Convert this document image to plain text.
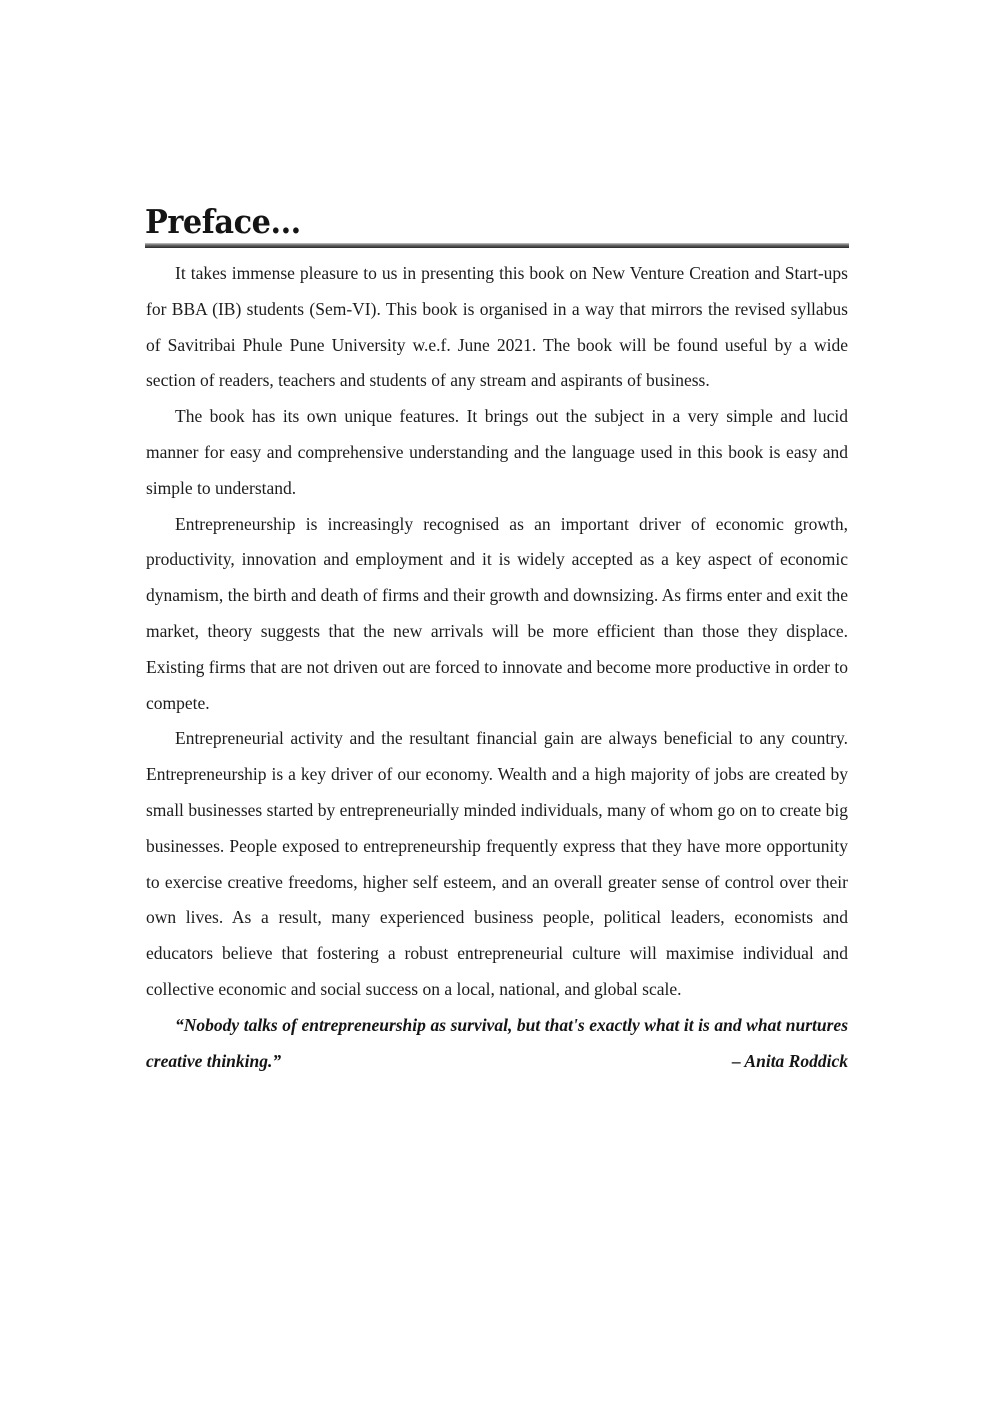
Preface...

It takes immense pleasure to us in presenting this book on New Venture Creation and Start-ups for BBA (IB) students (Sem-VI). This book is organised in a way that mirrors the revised syllabus of Savitribai Phule Pune University w.e.f. June 2021. The book will be found useful by a wide section of readers, teachers and students of any stream and aspirants of business.

The book has its own unique features. It brings out the subject in a very simple and lucid manner for easy and comprehensive understanding and the language used in this book is easy and simple to understand.

Entrepreneurship is increasingly recognised as an important driver of economic growth, productivity, innovation and employment and it is widely accepted as a key aspect of economic dynamism, the birth and death of firms and their growth and downsizing. As firms enter and exit the market, theory suggests that the new arrivals will be more efficient than those they displace. Existing firms that are not driven out are forced to innovate and become more productive in order to compete.

Entrepreneurial activity and the resultant financial gain are always beneficial to any country. Entrepreneurship is a key driver of our economy. Wealth and a high majority of jobs are created by small businesses started by entrepreneurially minded individuals, many of whom go on to create big businesses. People exposed to entrepreneurship frequently express that they have more opportunity to exercise creative freedoms, higher self esteem, and an overall greater sense of control over their own lives. As a result, many experienced business people, political leaders, economists and educators believe that fostering a robust entrepreneurial culture will maximise individual and collective economic and social success on a local, national, and global scale.

“Nobody talks of entrepreneurship as survival, but that's exactly what it is and what nurtures creative thinking.”	– Anita Roddick
